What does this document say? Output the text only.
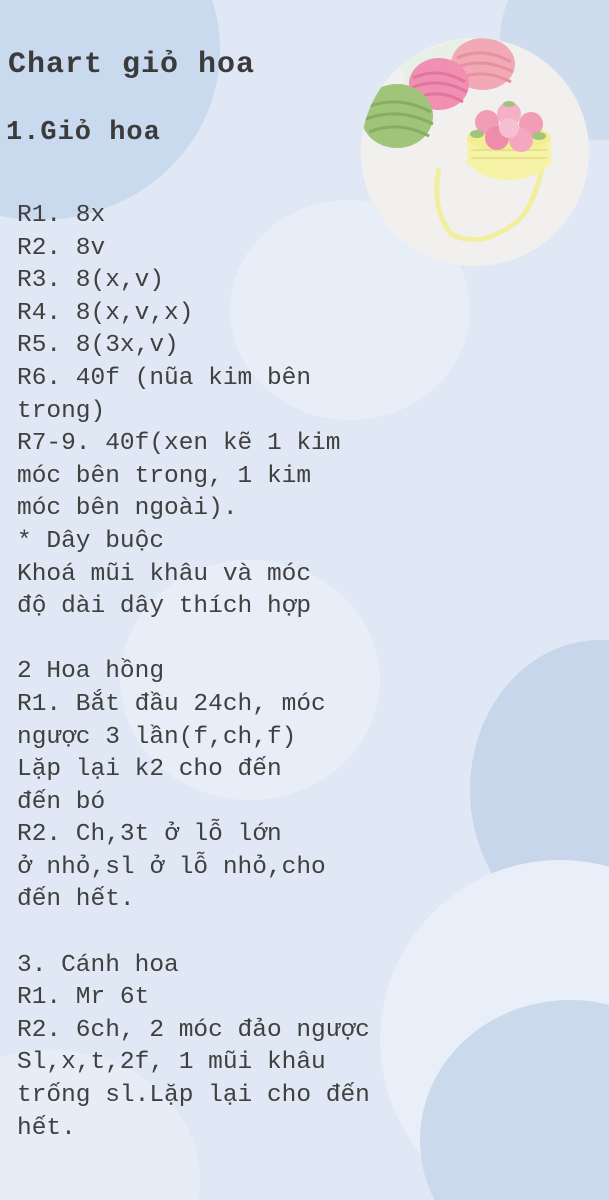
Chart giỏ hoa
1.Giỏ hoa
R1. 8x
R2. 8v
R3. 8(x,v)
R4. 8(x,v,x)
R5. 8(3x,v)
R6. 40f (nũa kim bên
trong)
R7-9. 40f(xen kẽ 1 kim
móc bên trong, 1 kim
móc bên ngoài).
* Dây buộc
Khoá mũi khâu và móc
độ dài dây thích hợp
2 Hoa hồng
R1. Bắt đầu 24ch, móc
ngược 3 lần(f,ch,f)
Lặp lại k2 cho đến
đến bó
R2. Ch,3t ở lỗ lớn
ở nhỏ,sl ở lỗ nhỏ,cho
đến hết.
3. Cánh hoa
R1. Mr 6t
R2. 6ch, 2 móc đảo ngược
Sl,x,t,2f, 1 mũi khâu
trống sl.Lặp lại cho đến
hết.
